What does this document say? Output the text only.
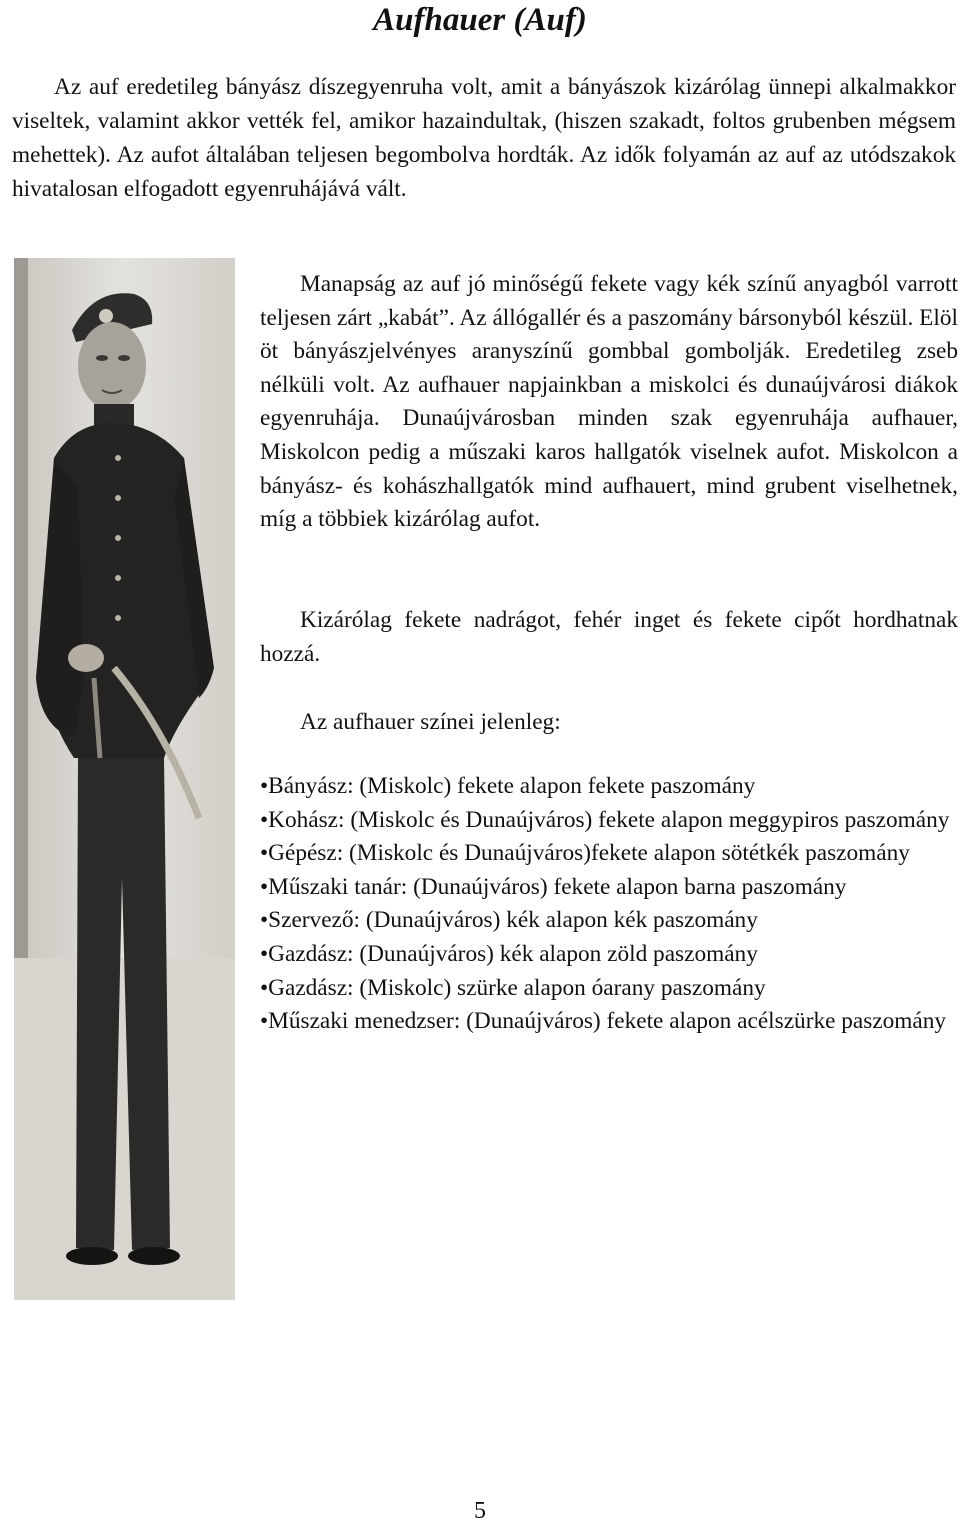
Aufhauer (Auf)

Az auf eredetileg bányász díszegyenruha volt, amit a bányászok kizárólag ünnepi alkalmakkor viseltek, valamint akkor vették fel, amikor hazaindultak, (hiszen szakadt, foltos grubenben mégsem mehettek). Az aufot általában teljesen begombolva hordták. Az idők folyamán az auf az utódszakok hivatalosan elfogadott egyenruhájává vált.

Manapság az auf jó minőségű fekete vagy kék színű anyagból varrott teljesen zárt „kabát”. Az állógallér és a paszomány bársonyból készül. Elöl öt bányászjelvényes aranyszínű gombbal gombolják. Eredetileg zseb nélküli volt. Az aufhauer napjainkban a miskolci és dunaújvárosi diákok egyenruhája. Dunaújvárosban minden szak egyenruhája aufhauer, Miskolcon pedig a műszaki karos hallgatók viselnek aufot. Miskolcon a bányász- és kohászhallgatók mind aufhauert, mind grubent viselhetnek, míg a többiek kizárólag aufot.

Kizárólag fekete nadrágot, fehér inget és fekete cipőt hordhatnak hozzá.

Az aufhauer színei jelenleg:

• Bányász: (Miskolc) fekete alapon fekete paszomány
• Kohász: (Miskolc és Dunaújváros) fekete alapon meggypiros paszomány
• Gépész: (Miskolc és Dunaújváros)fekete alapon sötétkék paszomány
• Műszaki tanár: (Dunaújváros) fekete alapon barna paszomány
• Szervező: (Dunaújváros) kék alapon kék paszomány
• Gazdász: (Dunaújváros) kék alapon zöld paszomány
• Gazdász: (Miskolc) szürke alapon óarany paszomány
• Műszaki menedzser: (Dunaújváros) fekete alapon acélszürke paszomány
5
